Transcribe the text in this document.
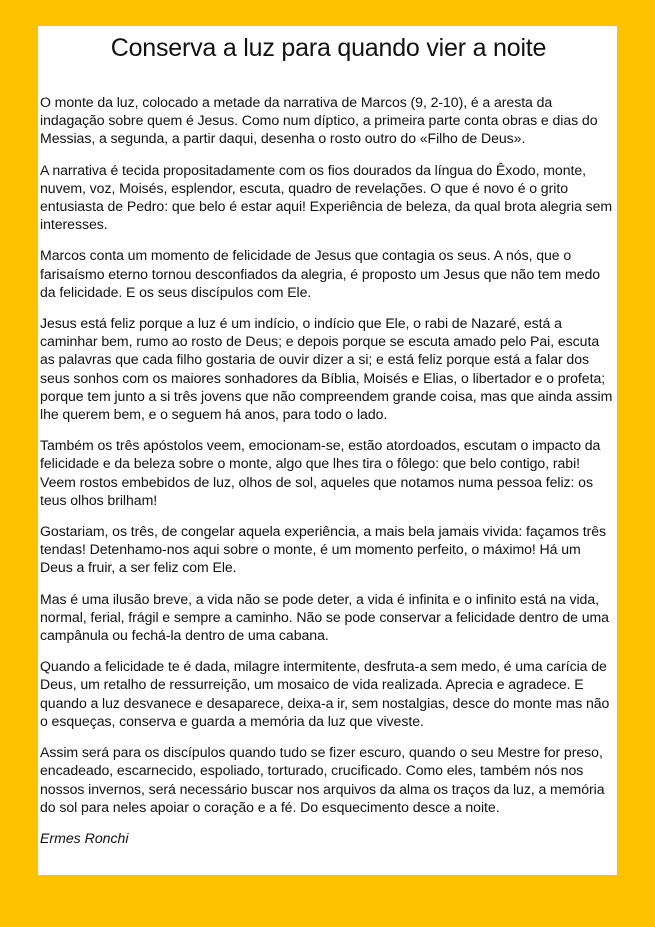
Conserva a luz para quando vier a noite

O monte da luz, colocado a metade da narrativa de Marcos (9, 2-10), é a aresta da indagação sobre quem é Jesus. Como num díptico, a primeira parte conta obras e dias do Messias, a segunda, a partir daqui, desenha o rosto outro do «Filho de Deus».

A narrativa é tecida propositadamente com os fios dourados da língua do Êxodo, monte, nuvem, voz, Moisés, esplendor, escuta, quadro de revelações. O que é novo é o grito entusiasta de Pedro: que belo é estar aqui! Experiência de beleza, da qual brota alegria sem interesses.

Marcos conta um momento de felicidade de Jesus que contagia os seus. A nós, que o farisaísmo eterno tornou desconfiados da alegria, é proposto um Jesus que não tem medo da felicidade. E os seus discípulos com Ele.

Jesus está feliz porque a luz é um indício, o indício que Ele, o rabi de Nazaré, está a caminhar bem, rumo ao rosto de Deus; e depois porque se escuta amado pelo Pai, escuta as palavras que cada filho gostaria de ouvir dizer a si; e está feliz porque está a falar dos seus sonhos com os maiores sonhadores da Bíblia, Moisés e Elias, o libertador e o profeta; porque tem junto a si três jovens que não compreendem grande coisa, mas que ainda assim lhe querem bem, e o seguem há anos, para todo o lado.

Também os três apóstolos veem, emocionam-se, estão atordoados, escutam o impacto da felicidade e da beleza sobre o monte, algo que lhes tira o fôlego: que belo contigo, rabi! Veem rostos embebidos de luz, olhos de sol, aqueles que notamos numa pessoa feliz: os teus olhos brilham!

Gostariam, os três, de congelar aquela experiência, a mais bela jamais vivida: façamos três tendas! Detenhamo-nos aqui sobre o monte, é um momento perfeito, o máximo! Há um Deus a fruir, a ser feliz com Ele.

Mas é uma ilusão breve, a vida não se pode deter, a vida é infinita e o infinito está na vida, normal, ferial, frágil e sempre a caminho. Não se pode conservar a felicidade dentro de uma campânula ou fechá-la dentro de uma cabana.

Quando a felicidade te é dada, milagre intermitente, desfruta-a sem medo, é uma carícia de Deus, um retalho de ressurreição, um mosaico de vida realizada. Aprecia e agradece. E quando a luz desvanece e desaparece, deixa-a ir, sem nostalgias, desce do monte mas não o esqueças, conserva e guarda a memória da luz que viveste.

Assim será para os discípulos quando tudo se fizer escuro, quando o seu Mestre for preso, encadeado, escarnecido, espoliado, torturado, crucificado. Como eles, também nós nos nossos invernos, será necessário buscar nos arquivos da alma os traços da luz, a memória do sol para neles apoiar o coração e a fé. Do esquecimento desce a noite.

Ermes Ronchi
